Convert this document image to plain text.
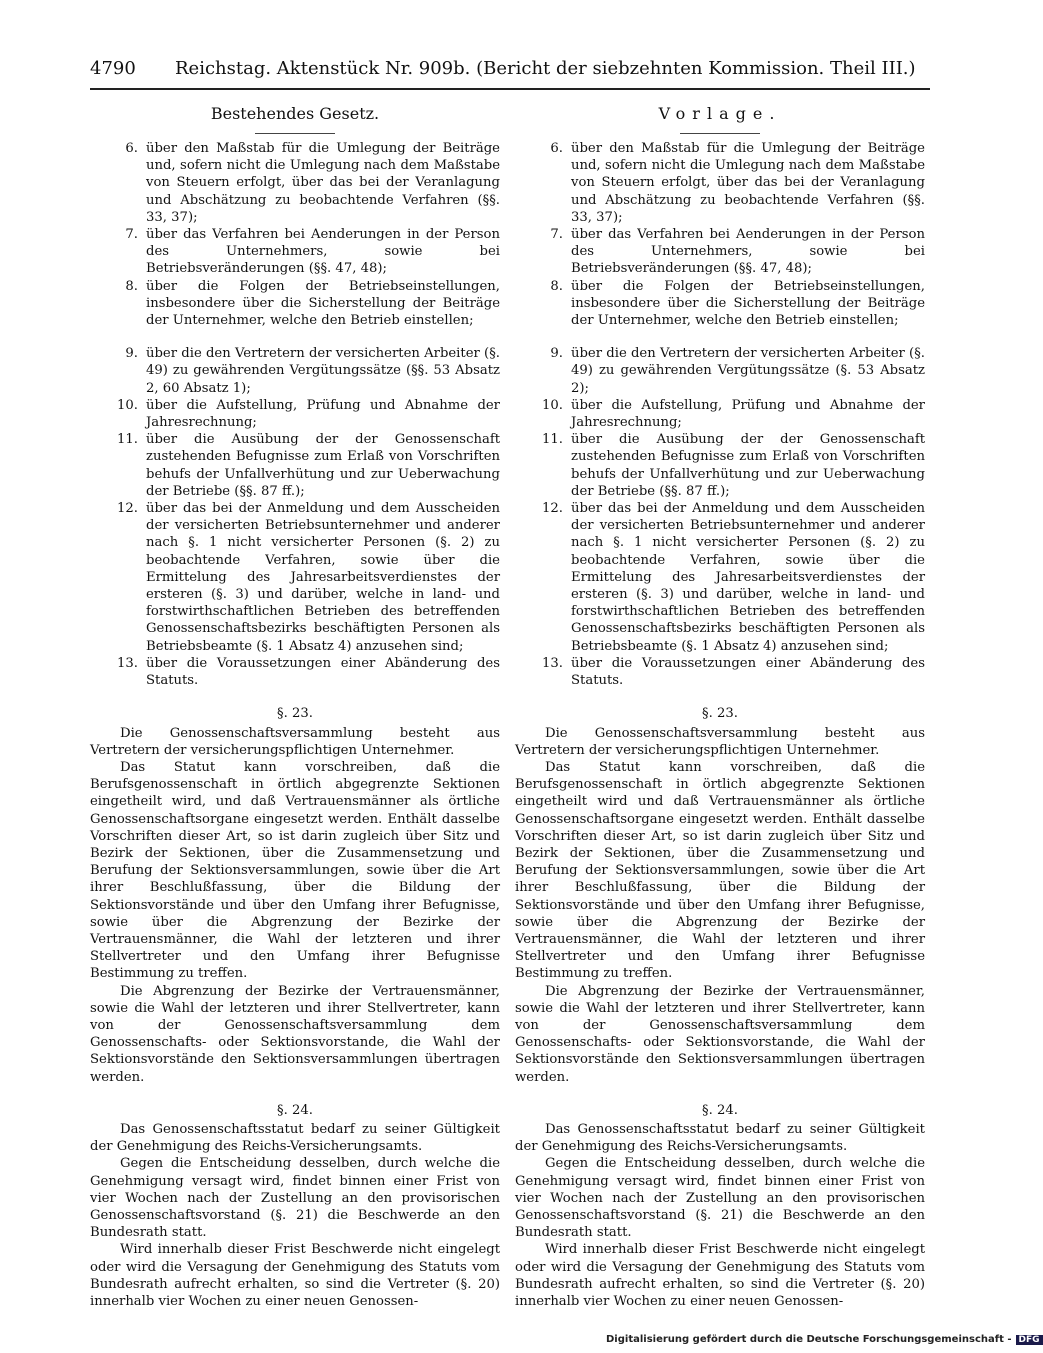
4790 Reichstag. Aktenstück Nr. 909b. (Bericht der siebzehnten Kommission. Theil III.)
Bestehendes Gesetz.
6. über den Maßstab für die Umlegung der Beiträge und, sofern nicht die Umlegung nach dem Maßstabe von Steuern erfolgt, über das bei der Veranlagung und Abschätzung zu beobachtende Verfahren (§§. 33, 37);
7. über das Verfahren bei Aenderungen in der Person des Unternehmers, sowie bei Betriebsveränderungen (§§. 47, 48);
8. über die Folgen der Betriebseinstellungen, insbesondere über die Sicherstellung der Beiträge der Unternehmer, welche den Betrieb einstellen;
9. über die den Vertretern der versicherten Arbeiter (§. 49) zu gewährenden Vergütungssätze (§§. 53 Absatz 2, 60 Absatz 1);
10. über die Aufstellung, Prüfung und Abnahme der Jahresrechnung;
11. über die Ausübung der der Genossenschaft zustehenden Befugnisse zum Erlaß von Vorschriften behufs der Unfallverhütung und zur Ueberwachung der Betriebe (§§. 87 ff.);
12. über das bei der Anmeldung und dem Ausscheiden der versicherten Betriebsunternehmer und anderer nach §. 1 nicht versicherter Personen (§. 2) zu beobachtende Verfahren, sowie über die Ermittelung des Jahresarbeitsverdienstes der ersteren (§. 3) und darüber, welche in land- und forstwirthschaftlichen Betrieben des betreffenden Genossenschaftsbezirks beschäftigten Personen als Betriebsbeamte (§. 1 Absatz 4) anzusehen sind;
13. über die Voraussetzungen einer Abänderung des Statuts.
§. 23.
Die Genossenschaftsversammlung besteht aus Vertretern der versicherungspflichtigen Unternehmer.
Das Statut kann vorschreiben, daß die Berufsgenossenschaft in örtlich abgegrenzte Sektionen eingetheilt wird, und daß Vertrauensmänner als örtliche Genossenschaftsorgane eingesetzt werden. Enthält dasselbe Vorschriften dieser Art, so ist darin zugleich über Sitz und Bezirk der Sektionen, über die Zusammensetzung und Berufung der Sektionsversammlungen, sowie über die Art ihrer Beschlußfassung, über die Bildung der Sektionsvorstände und über den Umfang ihrer Befugnisse, sowie über die Abgrenzung der Bezirke der Vertrauensmänner, die Wahl der letzteren und ihrer Stellvertreter und den Umfang ihrer Befugnisse Bestimmung zu treffen.
Die Abgrenzung der Bezirke der Vertrauensmänner, sowie die Wahl der letzteren und ihrer Stellvertreter, kann von der Genossenschaftsversammlung dem Genossenschafts- oder Sektionsvorstande, die Wahl der Sektionsvorstände den Sektionsversammlungen übertragen werden.
§. 24.
Das Genossenschaftsstatut bedarf zu seiner Gültigkeit der Genehmigung des Reichs-Versicherungsamts.
Gegen die Entscheidung desselben, durch welche die Genehmigung versagt wird, findet binnen einer Frist von vier Wochen nach der Zustellung an den provisorischen Genossenschaftsvorstand (§. 21) die Beschwerde an den Bundesrath statt.
Wird innerhalb dieser Frist Beschwerde nicht eingelegt oder wird die Versagung der Genehmigung des Statuts vom Bundesrath aufrecht erhalten, so sind die Vertreter (§. 20) innerhalb vier Wochen zu einer neuen Genossen-
Vorlage.
6. über den Maßstab für die Umlegung der Beiträge und, sofern nicht die Umlegung nach dem Maßstabe von Steuern erfolgt, über das bei der Veranlagung und Abschätzung zu beobachtende Verfahren (§§. 33, 37);
7. über das Verfahren bei Aenderungen in der Person des Unternehmers, sowie bei Betriebsveränderungen (§§. 47, 48);
8. über die Folgen der Betriebseinstellungen, insbesondere über die Sicherstellung der Beiträge der Unternehmer, welche den Betrieb einstellen;
9. über die den Vertretern der versicherten Arbeiter (§. 49) zu gewährenden Vergütungssätze (§. 53 Absatz 2);
10. über die Aufstellung, Prüfung und Abnahme der Jahresrechnung;
11. über die Ausübung der der Genossenschaft zustehenden Befugnisse zum Erlaß von Vorschriften behufs der Unfallverhütung und zur Ueberwachung der Betriebe (§§. 87 ff.);
12. über das bei der Anmeldung und dem Ausscheiden der versicherten Betriebsunternehmer und anderer nach §. 1 nicht versicherter Personen (§. 2) zu beobachtende Verfahren, sowie über die Ermittelung des Jahresarbeitsverdienstes der ersteren (§. 3) und darüber, welche in land- und forstwirthschaftlichen Betrieben des betreffenden Genossenschaftsbezirks beschäftigten Personen als Betriebsbeamte (§. 1 Absatz 4) anzusehen sind;
13. über die Voraussetzungen einer Abänderung des Statuts.
§. 23.
Die Genossenschaftsversammlung besteht aus Vertretern der versicherungspflichtigen Unternehmer.
Das Statut kann vorschreiben, daß die Berufsgenossenschaft in örtlich abgegrenzte Sektionen eingetheilt wird und daß Vertrauensmänner als örtliche Genossenschaftsorgane eingesetzt werden. Enthält dasselbe Vorschriften dieser Art, so ist darin zugleich über Sitz und Bezirk der Sektionen, über die Zusammensetzung und Berufung der Sektionsversammlungen, sowie über die Art ihrer Beschlußfassung, über die Bildung der Sektionsvorstände und über den Umfang ihrer Befugnisse, sowie über die Abgrenzung der Bezirke der Vertrauensmänner, die Wahl der letzteren und ihrer Stellvertreter und den Umfang ihrer Befugnisse Bestimmung zu treffen.
Die Abgrenzung der Bezirke der Vertrauensmänner, sowie die Wahl der letzteren und ihrer Stellvertreter, kann von der Genossenschaftsversammlung dem Genossenschafts- oder Sektionsvorstande, die Wahl der Sektionsvorstände den Sektionsversammlungen übertragen werden.
§. 24.
Das Genossenschaftsstatut bedarf zu seiner Gültigkeit der Genehmigung des Reichs-Versicherungsamts.
Gegen die Entscheidung desselben, durch welche die Genehmigung versagt wird, findet binnen einer Frist von vier Wochen nach der Zustellung an den provisorischen Genossenschaftsvorstand (§. 21) die Beschwerde an den Bundesrath statt.
Wird innerhalb dieser Frist Beschwerde nicht eingelegt oder wird die Versagung der Genehmigung des Statuts vom Bundesrath aufrecht erhalten, so sind die Vertreter (§. 20) innerhalb vier Wochen zu einer neuen Genossen-
Digitalisierung gefördert durch die Deutsche Forschungsgemeinschaft - DFG
